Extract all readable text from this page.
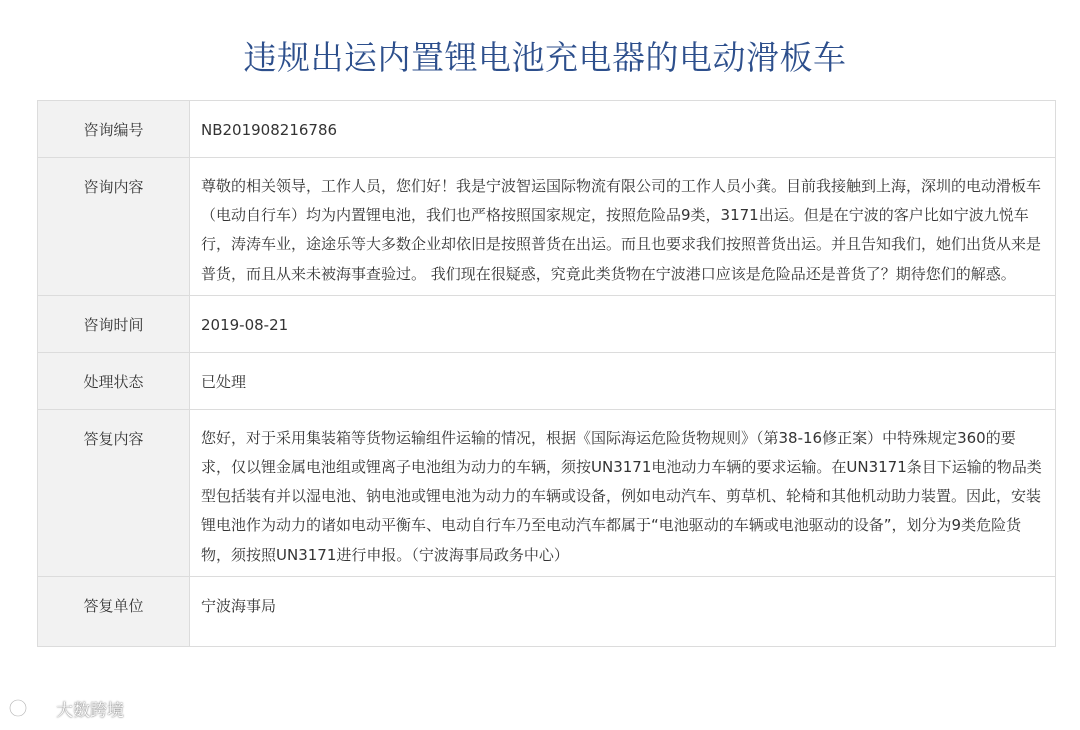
违规出运内置锂电池充电器的电动滑板车
咨询编号	NB201908216786
咨询内容	尊敬的相关领导，工作人员，您们好！我是宁波智运国际物流有限公司的工作人员小龚。目前我接触到上海，深圳的电动滑板车（电动自行车）均为内置锂电池，我们也严格按照国家规定，按照危险品9类，3171出运。但是在宁波的客户比如宁波九悦车行，涛涛车业，途途乐等大多数企业却依旧是按照普货在出运。而且也要求我们按照普货出运。并且告知我们，她们出货从来是普货，而且从来未被海事查验过。 我们现在很疑惑，究竟此类货物在宁波港口应该是危险品还是普货了？期待您们的解惑。
咨询时间	2019-08-21
处理状态	已处理
答复内容	您好，对于采用集装箱等货物运输组件运输的情况，根据《国际海运危险货物规则》（第38-16修正案）中特殊规定360的要求，仅以锂金属电池组或锂离子电池组为动力的车辆，须按UN3171电池动力车辆的要求运输。在UN3171条目下运输的物品类型包括装有并以湿电池、钠电池或锂电池为动力的车辆或设备，例如电动汽车、剪草机、轮椅和其他机动助力装置。因此，安装锂电池作为动力的诸如电动平衡车、电动自行车乃至电动汽车都属于“电池驱动的车辆或电池驱动的设备”，划分为9类危险货物，须按照UN3171进行申报。（宁波海事局政务中心）
答复单位	宁波海事局
大数跨境
